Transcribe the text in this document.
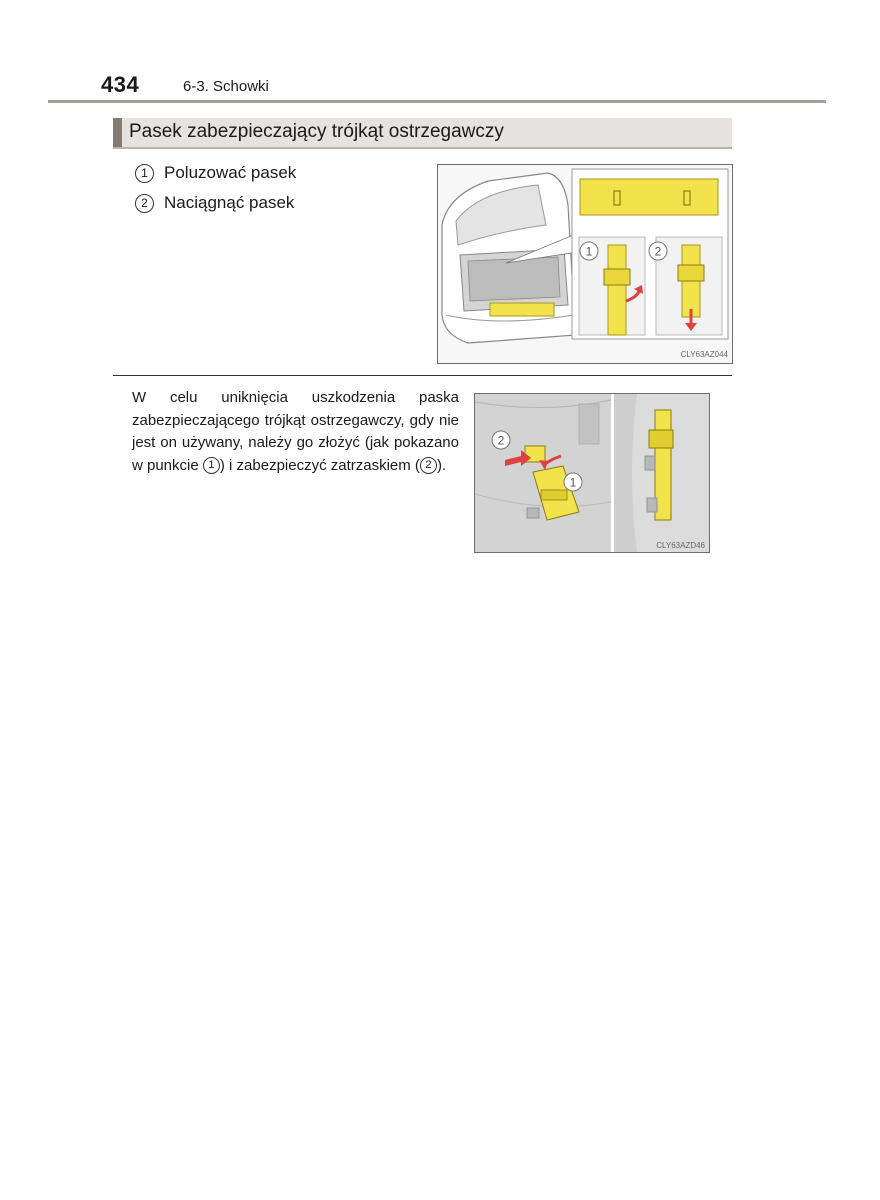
434	6-3. Schowki
Pasek zabezpieczający trójkąt ostrzegawczy
1 Poluzować pasek
2 Naciągnąć pasek
1	2
CLY63AZ044

W celu uniknięcia uszkodzenia paska zabezpieczającego trójkąt ostrzegawczy, gdy nie jest on używany, należy go złożyć (jak pokazano w punkcie 1 ) i zabezpieczyć zatrzaskiem ( 2 ).

2
1
CLY63AZD46
